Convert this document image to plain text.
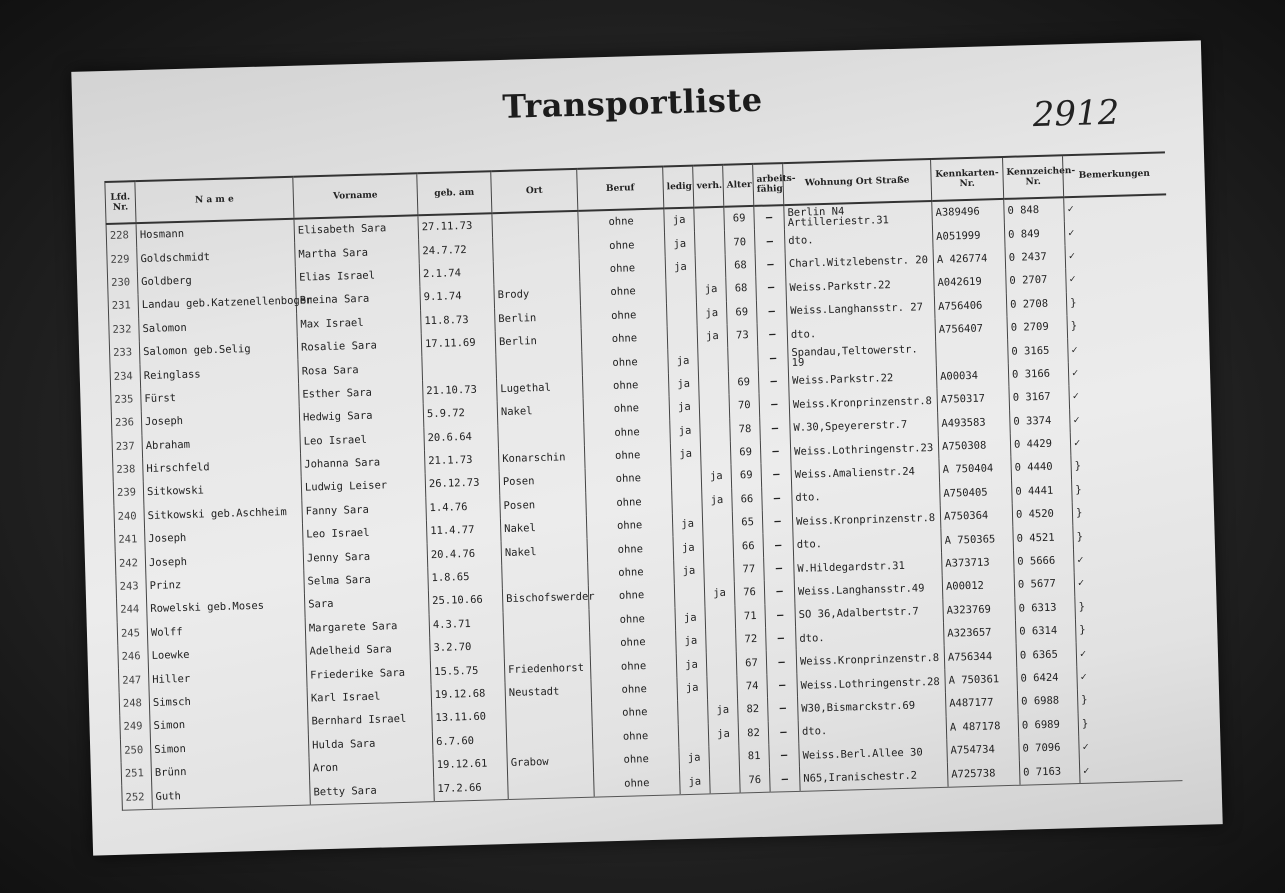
Transportliste	2912
Lfd. Nr.	N a m e	Vorname	geb. am	Ort	Beruf	ledig	verh.	Alter	arbeits-fähig	Wohnung Ort Straße	Kennkarten-Nr.	Kennzeichen-Nr.	Bemerkungen
228	Hosmann	Elisabeth Sara	27.11.73		ohne	ja		69	–	Berlin N4 Artilleriestr.31	A389496	0 848	✓
229	Goldschmidt	Martha Sara	24.7.72		ohne	ja		70	–	dto.	A051999	0 849	✓
230	Goldberg	Elias Israel	2.1.74		ohne	ja		68	–	Charl.Witzlebenstr. 20	A 426774	0 2437	✓
231	Landau geb.Katzenellenbogen	Breina Sara	9.1.74	Brody	ohne		ja	68	–	Weiss.Parkstr.22	A042619	0 2707	✓
232	Salomon	Max Israel	11.8.73	Berlin	ohne		ja	69	–	Weiss.Langhansstr. 27	A756406	0 2708	}
233	Salomon geb.Selig	Rosalie Sara	17.11.69	Berlin	ohne		ja	73	–	dto.	A756407	0 2709	}
234	Reinglass	Rosa Sara			ohne	ja			–	Spandau,Teltowerstr. 19		0 3165	✓
235	Fürst	Esther Sara	21.10.73	Lugethal	ohne	ja		69	–	Weiss.Parkstr.22	A00034	0 3166	✓
236	Joseph	Hedwig Sara	5.9.72	Nakel	ohne	ja		70	–	Weiss.Kronprinzenstr.8	A750317	0 3167	✓
237	Abraham	Leo Israel	20.6.64		ohne	ja		78	–	W.30,Speyererstr.7	A493583	0 3374	✓
238	Hirschfeld	Johanna Sara	21.1.73	Konarschin	ohne	ja		69	–	Weiss.Lothringenstr.23	A750308	0 4429	✓
239	Sitkowski	Ludwig Leiser	26.12.73	Posen	ohne		ja	69	–	Weiss.Amalienstr.24	A 750404	0 4440	}
240	Sitkowski geb.Aschheim	Fanny Sara	1.4.76	Posen	ohne		ja	66	–	dto.	A750405	0 4441	}
241	Joseph	Leo Israel	11.4.77	Nakel	ohne	ja		65	–	Weiss.Kronprinzenstr.8	A750364	0 4520	}
242	Joseph	Jenny Sara	20.4.76	Nakel	ohne	ja		66	–	dto.	A 750365	0 4521	}
243	Prinz	Selma Sara	1.8.65		ohne	ja		77	–	W.Hildegardstr.31	A373713	0 5666	✓
244	Rowelski geb.Moses	Sara	25.10.66	Bischofswerder	ohne		ja	76	–	Weiss.Langhansstr.49	A00012	0 5677	✓
245	Wolff	Margarete Sara	4.3.71		ohne	ja		71	–	SO 36,Adalbertstr.7	A323769	0 6313	}
246	Loewke	Adelheid Sara	3.2.70		ohne	ja		72	–	dto.	A323657	0 6314	}
247	Hiller	Friederike Sara	15.5.75	Friedenhorst	ohne	ja		67	–	Weiss.Kronprinzenstr.8	A756344	0 6365	✓
248	Simsch	Karl Israel	19.12.68	Neustadt	ohne	ja		74	–	Weiss.Lothringenstr.28	A 750361	0 6424	✓
249	Simon	Bernhard Israel	13.11.60		ohne		ja	82	–	W30,Bismarckstr.69	A487177	0 6988	}
250	Simon	Hulda Sara	6.7.60		ohne		ja	82	–	dto.	A 487178	0 6989	}
251	Brünn	Aron	19.12.61	Grabow	ohne	ja		81	–	Weiss.Berl.Allee 30	A754734	0 7096	✓
252	Guth	Betty Sara	17.2.66		ohne	ja		76	–	N65,Iranischestr.2	A725738	0 7163	✓
